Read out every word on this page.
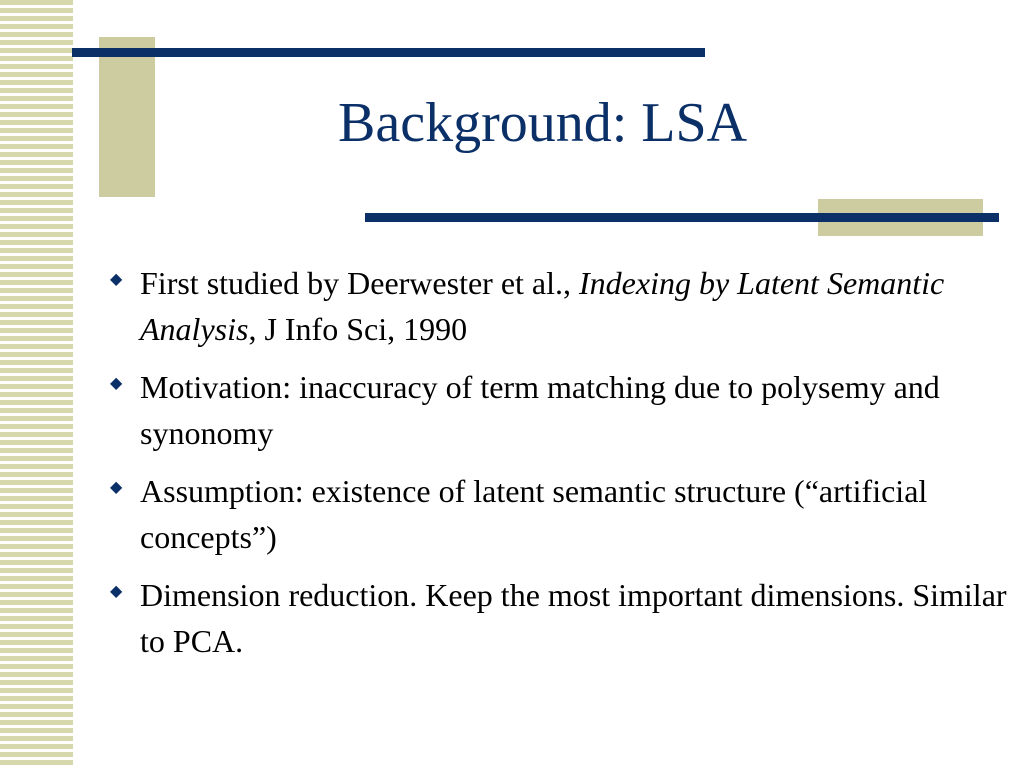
Background: LSA
◆ First studied by Deerwester et al., Indexing by Latent Semantic Analysis, J Info Sci, 1990
◆ Motivation: inaccuracy of term matching due to polysemy and synonomy
◆ Assumption: existence of latent semantic structure (“artificial concepts”)
◆ Dimension reduction. Keep the most important dimensions. Similar to PCA.
